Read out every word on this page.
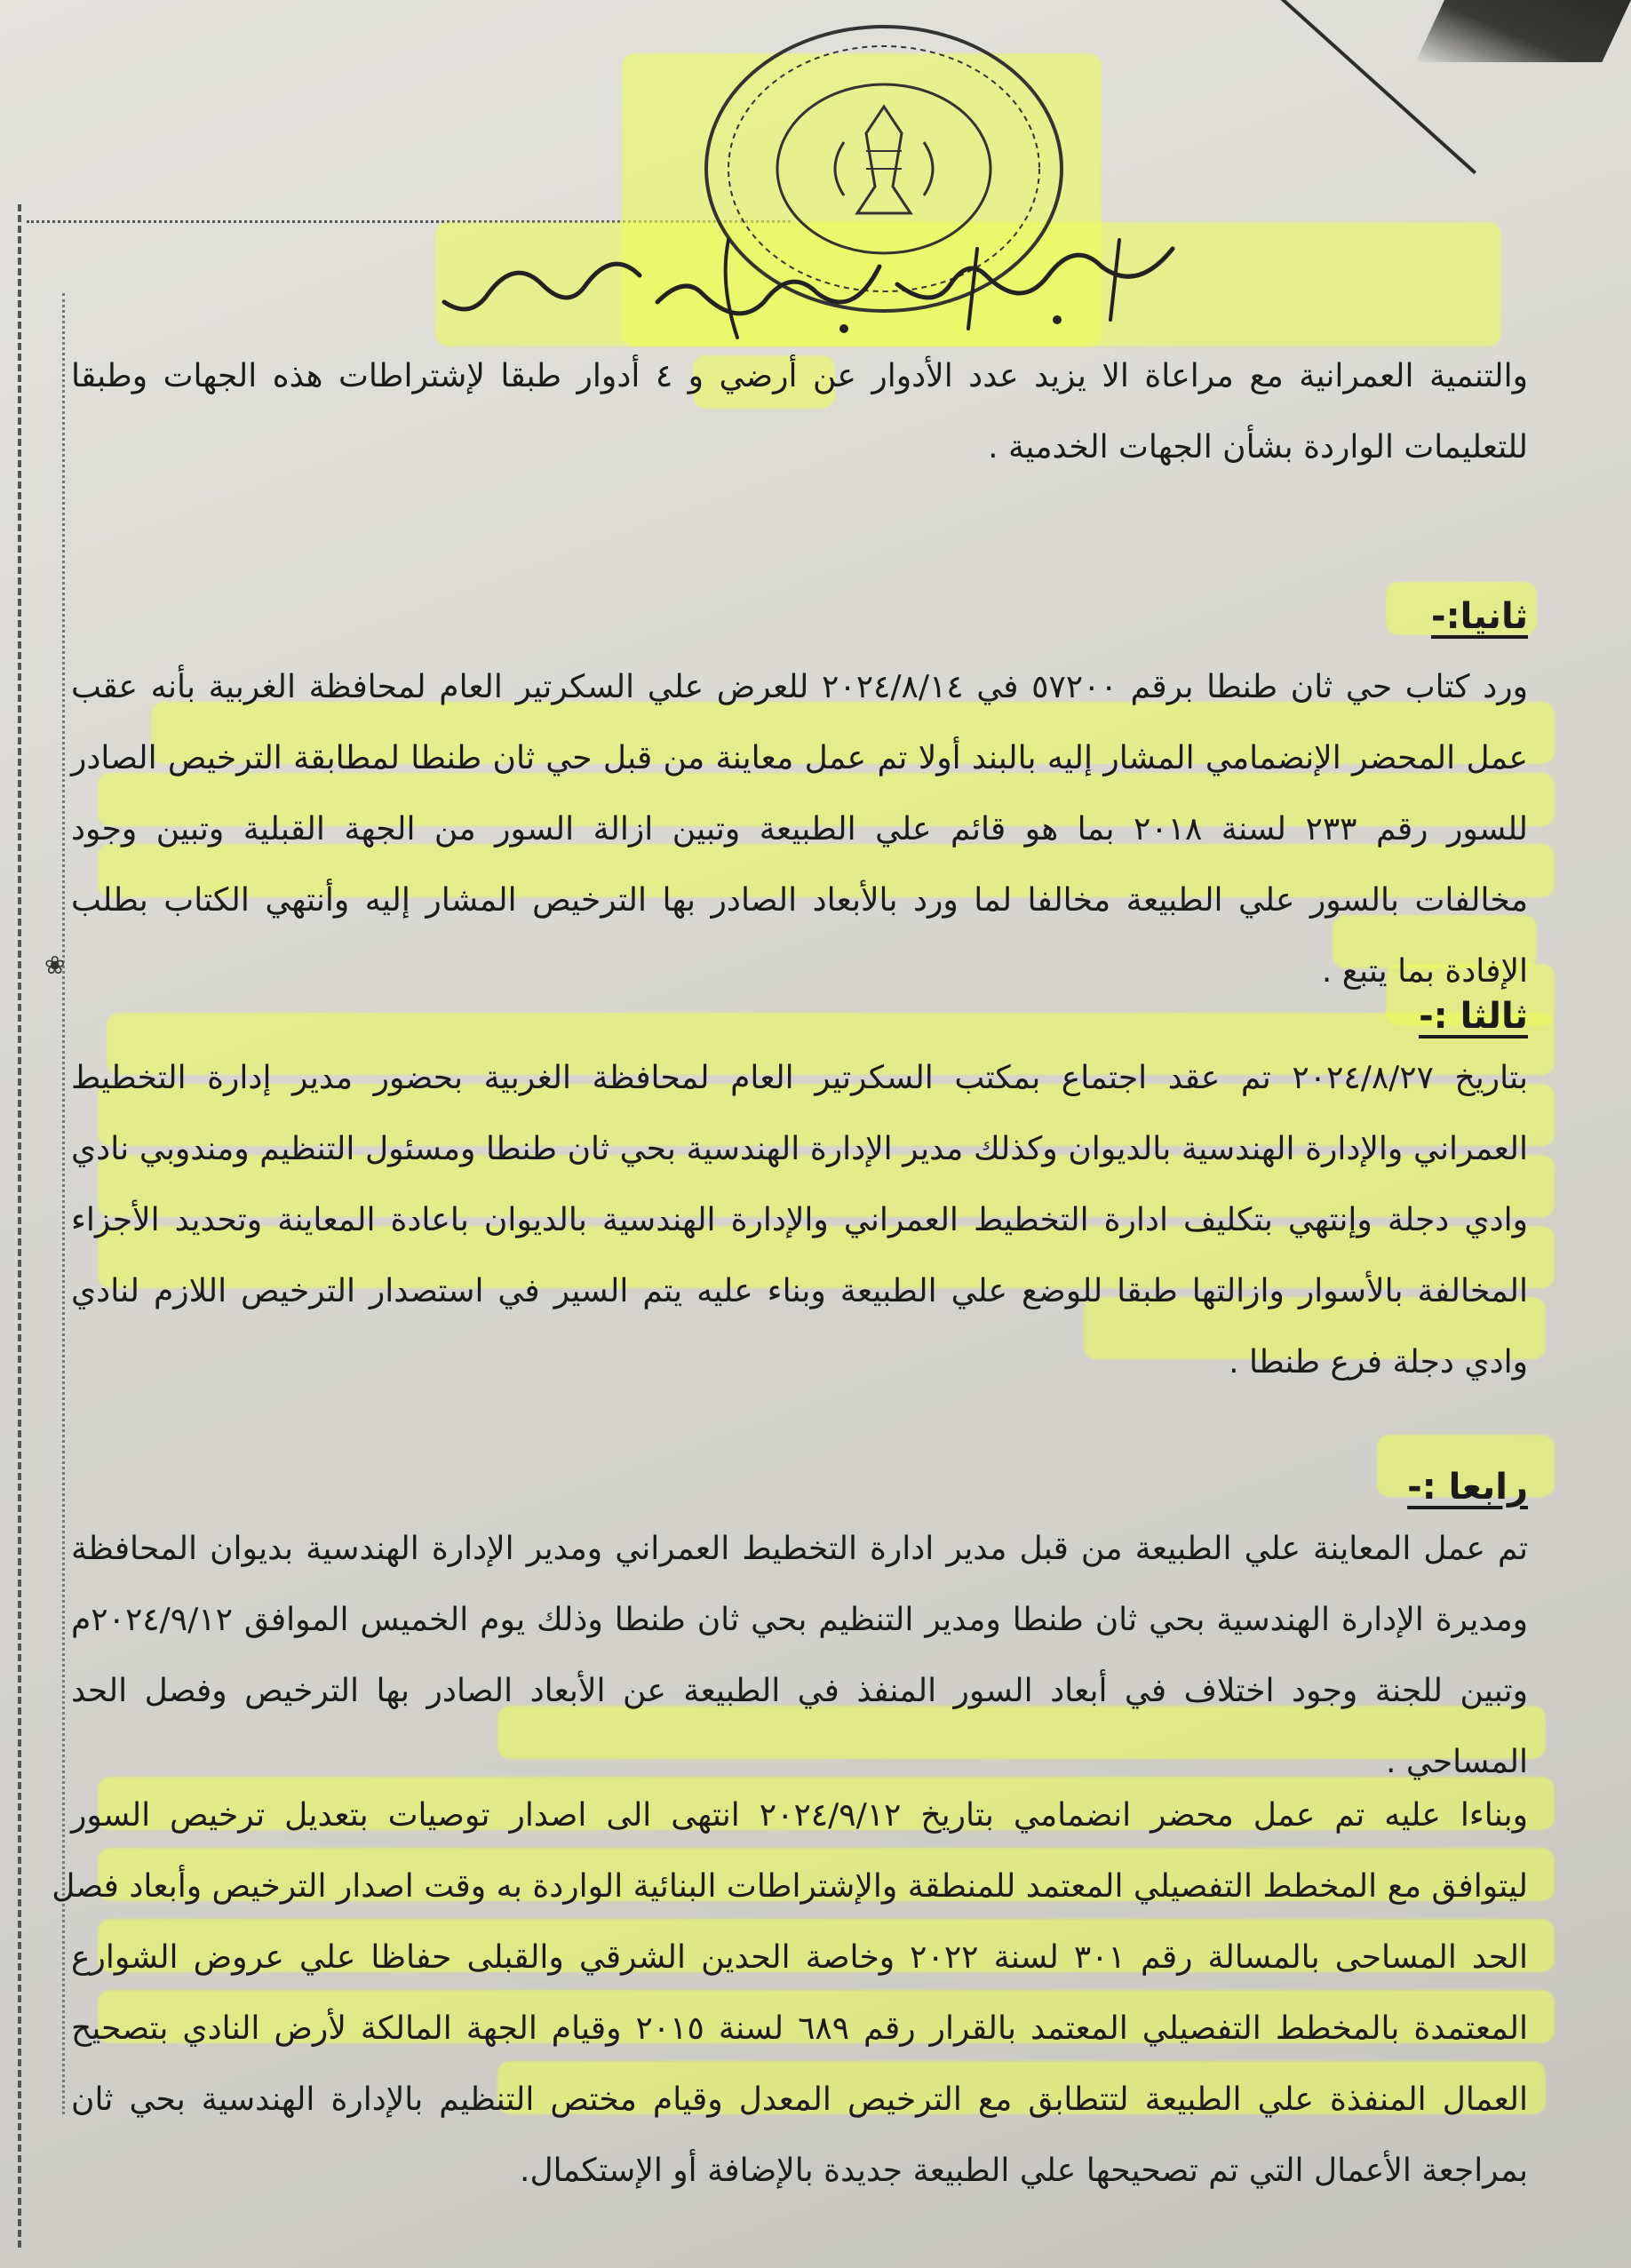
❀
والتنمية العمرانية مع مراعاة الا يزيد عدد الأدوار عن أرضي و ٤ أدوار طبقا لإشتراطات هذه الجهات وطبقا
للتعليمات الواردة بشأن الجهات الخدمية .
ثانيا:-
ورد كتاب حي ثان طنطا برقم ٥٧٢٠٠ في ٢٠٢٤/٨/١٤ للعرض علي السكرتير العام لمحافظة الغربية بأنه عقب
عمل المحضر الإنضمامي المشار إليه بالبند أولا تم عمل معاينة من قبل حي ثان طنطا لمطابقة الترخيص الصادر
للسور رقم ٢٣٣ لسنة ٢٠١٨ بما هو قائم علي الطبيعة وتبين ازالة السور من الجهة القبلية وتبين وجود
مخالفات بالسور علي الطبيعة مخالفا لما ورد بالأبعاد الصادر بها الترخيص المشار إليه وأنتهي الكتاب بطلب
الإفادة بما يتبع .
ثالثا :-
بتاريخ ٢٠٢٤/٨/٢٧ تم عقد اجتماع بمكتب السكرتير العام لمحافظة الغربية بحضور مدير إدارة التخطيط
العمراني والإدارة الهندسية بالديوان وكذلك مدير الإدارة الهندسية بحي ثان طنطا ومسئول التنظيم ومندوبي نادي
وادي دجلة وإنتهي بتكليف ادارة التخطيط العمراني والإدارة الهندسية بالديوان باعادة المعاينة وتحديد الأجزاء
المخالفة بالأسوار وازالتها طبقا للوضع علي الطبيعة وبناء عليه يتم السير في استصدار الترخيص اللازم لنادي
وادي دجلة فرع طنطا .
رابعا :-
تم عمل المعاينة علي الطبيعة من قبل مدير ادارة التخطيط العمراني ومدير الإدارة الهندسية بديوان المحافظة
ومديرة الإدارة الهندسية بحي ثان طنطا ومدير التنظيم بحي ثان طنطا وذلك يوم الخميس الموافق ٢٠٢٤/٩/١٢م
وتبين للجنة وجود اختلاف في أبعاد السور المنفذ في الطبيعة عن الأبعاد الصادر بها الترخيص وفصل الحد
المساحي .
وبناءا عليه تم عمل محضر انضمامي بتاريخ ٢٠٢٤/٩/١٢ انتهى الى اصدار توصيات بتعديل ترخيص السور
ليتوافق مع المخطط التفصيلي المعتمد للمنطقة والإشتراطات البنائية الواردة به وقت اصدار الترخيص وأبعاد فصل
الحد المساحى بالمسالة رقم ٣٠١ لسنة ٢٠٢٢ وخاصة الحدين الشرقي والقبلى حفاظا علي عروض الشوارع
المعتمدة بالمخطط التفصيلي المعتمد بالقرار رقم ٦٨٩ لسنة ٢٠١٥ وقيام الجهة المالكة لأرض النادي بتصحيح
العمال المنفذة علي الطبيعة لتتطابق مع الترخيص المعدل وقيام مختص التنظيم بالإدارة الهندسية بحي ثان
بمراجعة الأعمال التي تم تصحيحها علي الطبيعة جديدة بالإضافة أو الإستكمال.
